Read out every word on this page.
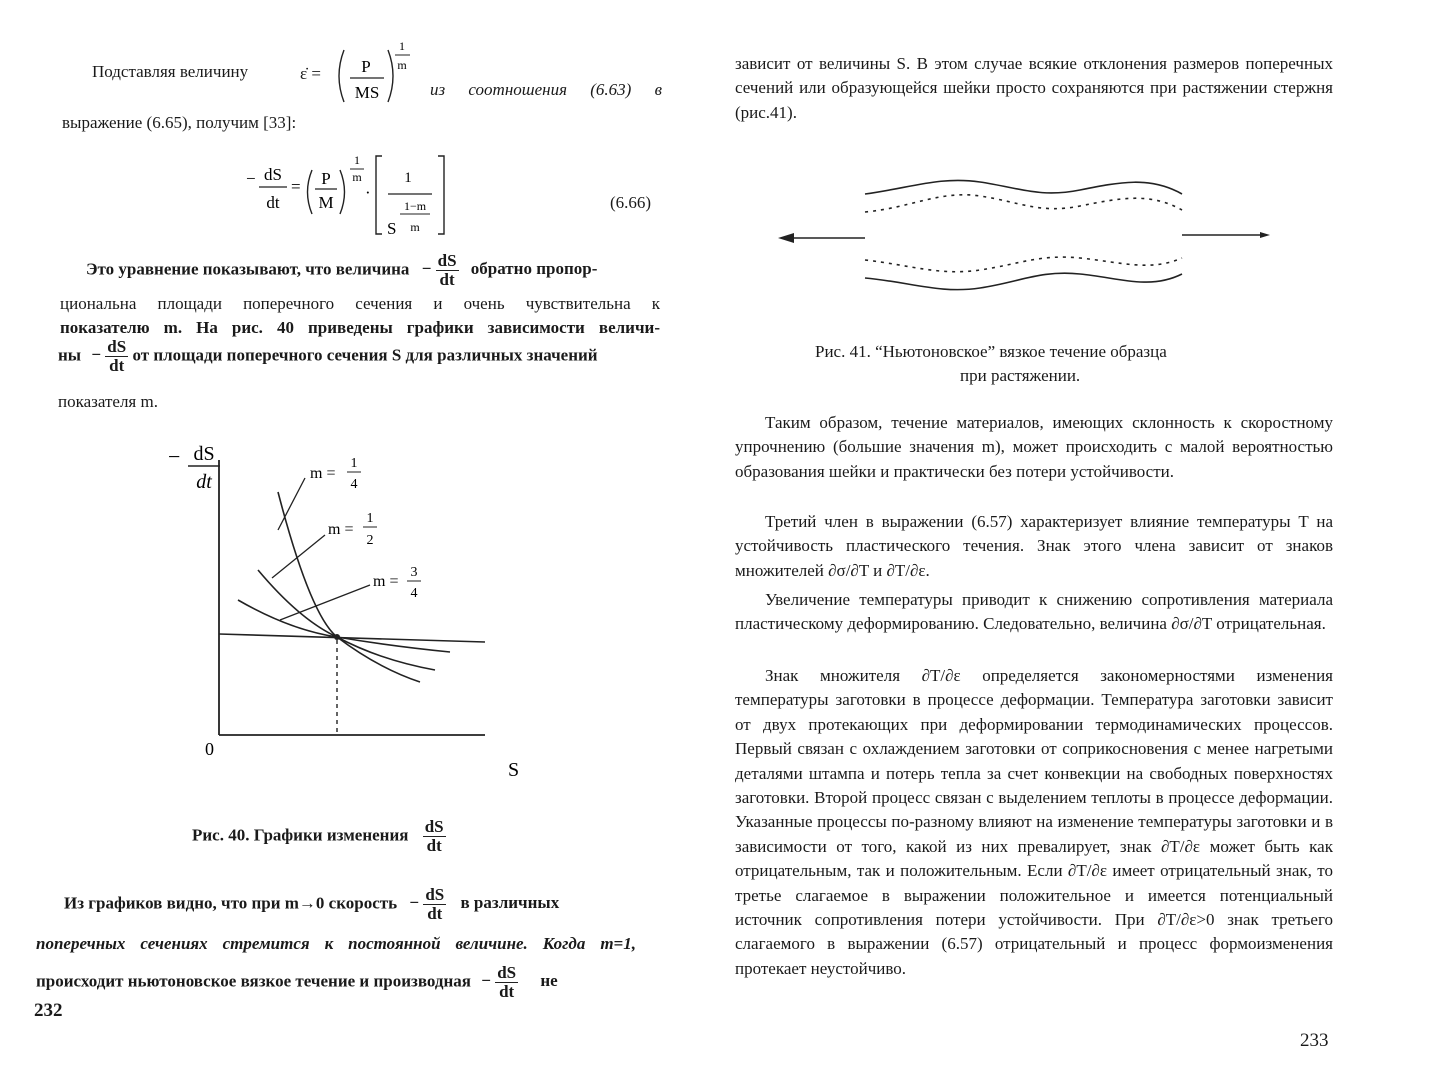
Подставляя величину	ε̇ = P
MS
1
m
из соотношения (6.63) в
выражение (6.65), получим [33]:
− dS
dt
= P
M
1
m
·
1
1−m
S m
(6.66)
Это уравнение показывают, что величина − $\frac{dS}{dt}$ обратно пропор-
циональна площади поперечного сечения и очень чувствительна к
показателю m. На рис. 40 приведены графики зависимости величи-
ны − $\frac{dS}{dt}$ от площади поперечного сечения S для различных значений
показателя m.
− dS
dt
0
S
m =
1
4
m =
1
2
m =
3
4
Рис. 40. Графики изменения $\frac{dS}{dt}$
Из графиков видно, что при m→0 скорость − $\frac{dS}{dt}$ в различных
поперечных сечениях стремится к постоянной величине. Когда m=1,
происходит ньютоновское вязкое течение и производная − $\frac{dS}{dt}$ не
232

зависит от величины S. В этом случае всякие отклонения размеров поперечных сечений или образующейся шейки просто сохраняются при растяжении стержня (рис.41).

Рис. 41. “Ньютоновское” вязкое течение образца
при растяжении.

Таким образом, течение материалов, имеющих склонность к скоростному упрочнению (большие значения m), может происходить с малой вероятностью образования шейки и практически без потери устойчивости.

Третий член в выражении (6.57) характеризует влияние температуры T на устойчивость пластического течения. Знак этого члена зависит от знаков множителей ∂σ/∂T и ∂T/∂ε.

Увеличение температуры приводит к снижению сопротивления материала пластическому деформированию. Следовательно, величина ∂σ/∂T отрицательная.

Знак множителя ∂T/∂ε определяется закономерностями изменения температуры заготовки в процессе деформации. Температура заготовки зависит от двух протекающих при деформировании термодинамических процессов. Первый связан с охлаждением заготовки от соприкосновения с менее нагретыми деталями штампа и потерь тепла за счет конвекции на свободных поверхностях заготовки. Второй процесс связан с выделением теплоты в процессе деформации. Указанные процессы по-разному влияют на изменение температуры заготовки и в зависимости от того, какой из них превалирует, знак ∂T/∂ε может быть как отрицательным, так и положительным. Если ∂T/∂ε имеет отрицательный знак, то третье слагаемое в выражении положительное и имеется потенциальный источник сопротивления потери устойчивости. При ∂T/∂ε>0 знак третьего слагаемого в выражении (6.57) отрицательный и процесс формоизменения протекает неустойчиво.

233
